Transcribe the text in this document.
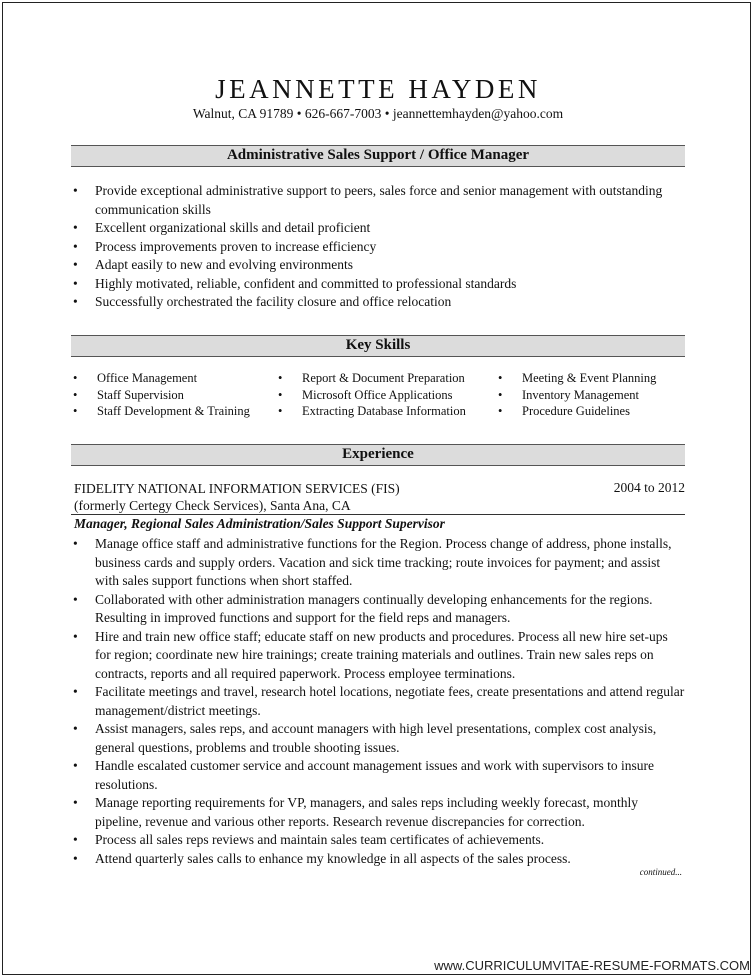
JEANNETTE HAYDEN
Walnut, CA 91789 • 626-667-7003 • jeannettemhayden@yahoo.com
Administrative Sales Support / Office Manager
• Provide exceptional administrative support to peers, sales force and senior management with outstanding communication skills
• Excellent organizational skills and detail proficient
• Process improvements proven to increase efficiency
• Adapt easily to new and evolving environments
• Highly motivated, reliable, confident and committed to professional standards
• Successfully orchestrated the facility closure and office relocation
Key Skills
• Office Management
• Staff Supervision
• Staff Development & Training
• Report & Document Preparation
• Microsoft Office Applications
• Extracting Database Information
• Meeting & Event Planning
• Inventory Management
• Procedure Guidelines
Experience
FIDELITY NATIONAL INFORMATION SERVICES (FIS)
(formerly Certegy Check Services), Santa Ana, CA
2004 to 2012
Manager, Regional Sales Administration/Sales Support Supervisor
• Manage office staff and administrative functions for the Region. Process change of address, phone installs, business cards and supply orders. Vacation and sick time tracking; route invoices for payment; and assist with sales support functions when short staffed.
• Collaborated with other administration managers continually developing enhancements for the regions. Resulting in improved functions and support for the field reps and managers.
• Hire and train new office staff; educate staff on new products and procedures. Process all new hire set-ups for region; coordinate new hire trainings; create training materials and outlines. Train new sales reps on contracts, reports and all required paperwork. Process employee terminations.
• Facilitate meetings and travel, research hotel locations, negotiate fees, create presentations and attend regular management/district meetings.
• Assist managers, sales reps, and account managers with high level presentations, complex cost analysis, general questions, problems and trouble shooting issues.
• Handle escalated customer service and account management issues and work with supervisors to insure resolutions.
• Manage reporting requirements for VP, managers, and sales reps including weekly forecast, monthly pipeline, revenue and various other reports. Research revenue discrepancies for correction.
• Process all sales reps reviews and maintain sales team certificates of achievements.
• Attend quarterly sales calls to enhance my knowledge in all aspects of the sales process.
continued...
www.CURRICULUMVITAE-RESUME-FORMATS.COM
